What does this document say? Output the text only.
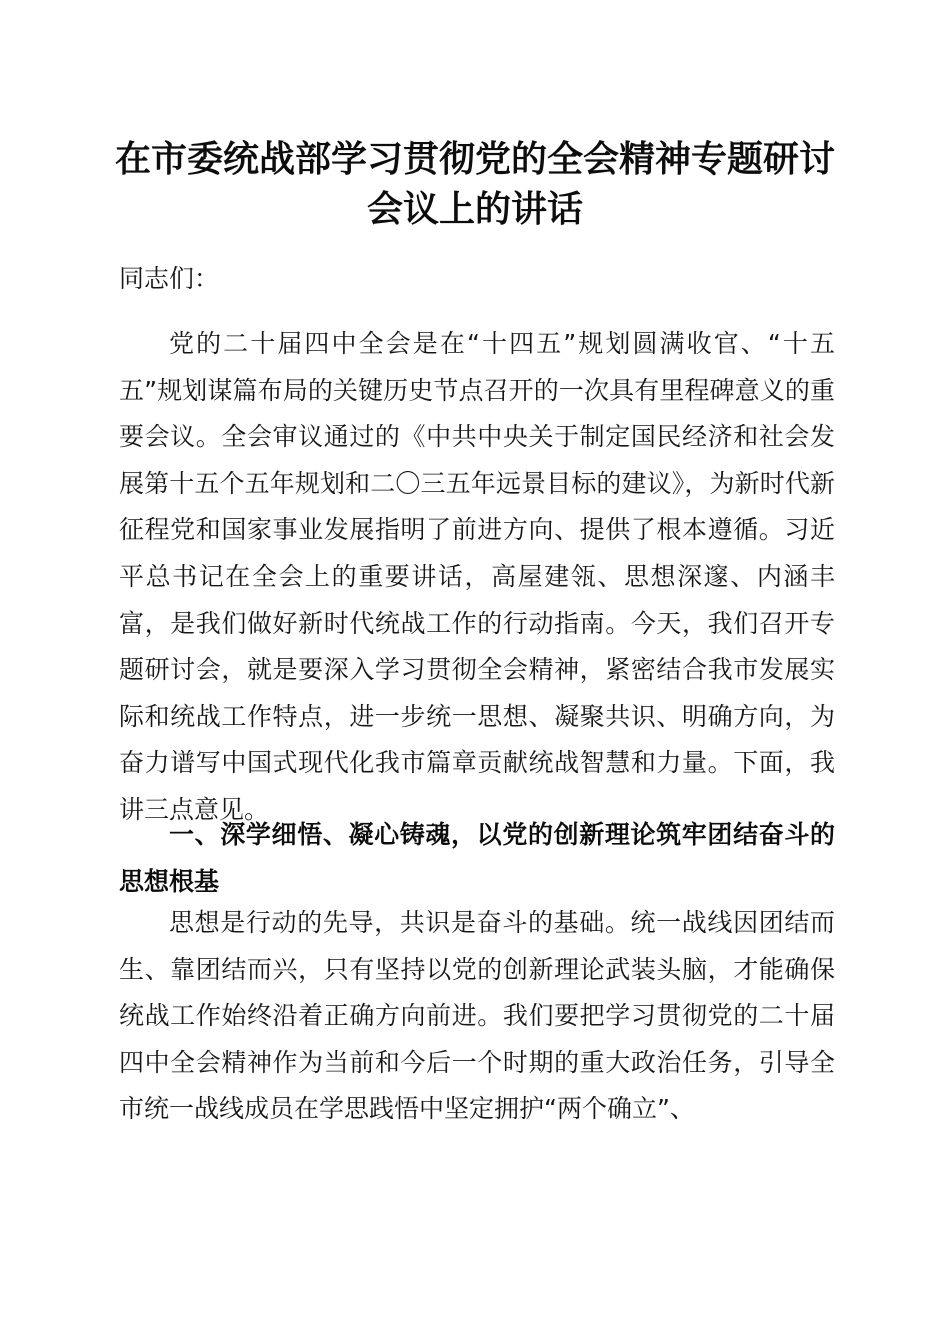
在市委统战部学习贯彻党的全会精神专题研讨
会议上的讲话
同志们：
党的二十届四中全会是在“十四五”规划圆满收官、“十五五”规划谋篇布局的关键历史节点召开的一次具有里程碑意义的重要会议。全会审议通过的《中共中央关于制定国民经济和社会发展第十五个五年规划和二〇三五年远景目标的建议》，为新时代新征程党和国家事业发展指明了前进方向、提供了根本遵循。习近平总书记在全会上的重要讲话，高屋建瓴、思想深邃、内涵丰富，是我们做好新时代统战工作的行动指南。今天，我们召开专题研讨会，就是要深入学习贯彻全会精神，紧密结合我市发展实际和统战工作特点，进一步统一思想、凝聚共识、明确方向，为奋力谱写中国式现代化我市篇章贡献统战智慧和力量。下面，我讲三点意见。
一、深学细悟、凝心铸魂，以党的创新理论筑牢团结奋斗的思想根基
思想是行动的先导，共识是奋斗的基础。统一战线因团结而生、靠团结而兴，只有坚持以党的创新理论武装头脑，才能确保统战工作始终沿着正确方向前进。我们要把学习贯彻党的二十届四中全会精神作为当前和今后一个时期的重大政治任务，引导全市统一战线成员在学思践悟中坚定拥护“两个确立”、
